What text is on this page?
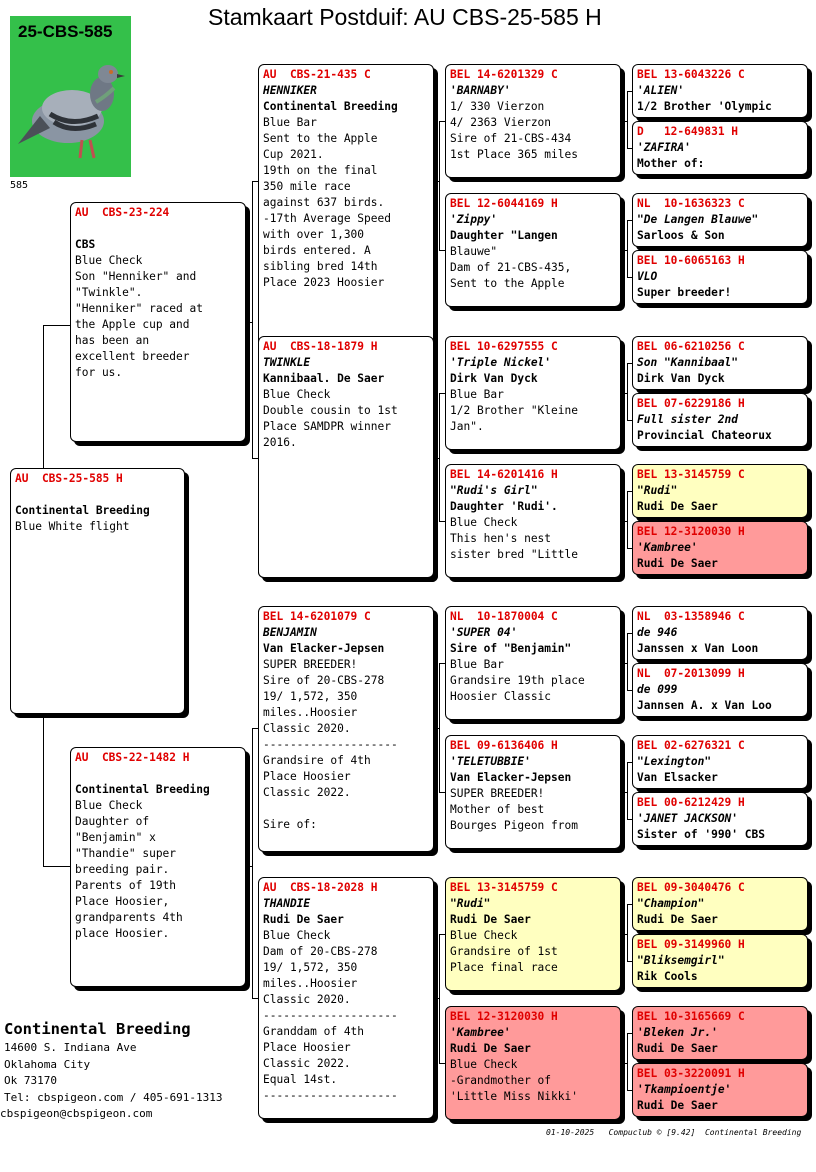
Stamkaart Postduif: AU CBS-25-585 H
25-CBS-585
585
AU  CBS-25-585 H
Continental Breeding
Blue White flight
AU  CBS-23-224
CBS
Blue Check
Son "Henniker" and
"Twinkle".
"Henniker" raced at
the Apple cup and
has been an
excellent breeder
for us.
AU  CBS-22-1482 H
Continental Breeding
Blue Check
Daughter of
"Benjamin" x
"Thandie" super
breeding pair.
Parents of 19th
Place Hoosier,
grandparents 4th
place Hoosier.
AU  CBS-21-435 C
HENNIKER
Continental Breeding
Blue Bar
Sent to the Apple
Cup 2021.
19th on the final
350 mile race
against 637 birds.
-17th Average Speed
with over 1,300
birds entered. A
sibling bred 14th
Place 2023 Hoosier
AU  CBS-18-1879 H
TWINKLE
Kannibaal. De Saer
Blue Check
Double cousin to 1st
Place SAMDPR winner
2016.
BEL 14-6201079 C
BENJAMIN
Van Elacker-Jepsen
SUPER BREEDER!
Sire of 20-CBS-278
19/ 1,572, 350
miles..Hoosier
Classic 2020.
--------------------
Grandsire of 4th
Place Hoosier
Classic 2022.
Sire of:
AU  CBS-18-2028 H
THANDIE
Rudi De Saer
Blue Check
Dam of 20-CBS-278
19/ 1,572, 350
miles..Hoosier
Classic 2020.
--------------------
Granddam of 4th
Place Hoosier
Classic 2022.
Equal 14st.
--------------------
BEL 14-6201329 C
'BARNABY'
1/ 330 Vierzon
4/ 2363 Vierzon
Sire of 21-CBS-434
1st Place 365 miles
BEL 12-6044169 H
'Zippy'
Daughter "Langen
Blauwe"
Dam of 21-CBS-435,
Sent to the Apple
BEL 10-6297555 C
'Triple Nickel'
Dirk Van Dyck
Blue Bar
1/2 Brother "Kleine
Jan".
BEL 14-6201416 H
"Rudi's Girl"
Daughter 'Rudi'.
Blue Check
This hen's nest
sister bred "Little
NL  10-1870004 C
'SUPER 04'
Sire of "Benjamin"
Blue Bar
Grandsire 19th place
Hoosier Classic
BEL 09-6136406 H
'TELETUBBIE'
Van Elacker-Jepsen
SUPER BREEDER!
Mother of best
Bourges Pigeon from
BEL 13-3145759 C
"Rudi"
Rudi De Saer
Blue Check
Grandsire of 1st
Place final race
BEL 12-3120030 H
'Kambree'
Rudi De Saer
Blue Check
-Grandmother of
'Little Miss Nikki'
BEL 13-6043226 C
'ALIEN'
1/2 Brother 'Olympic
D   12-649831 H
'ZAFIRA'
Mother of:
NL  10-1636323 C
"De Langen Blauwe"
Sarloos & Son
BEL 10-6065163 H
VLO
Super breeder!
BEL 06-6210256 C
Son "Kannibaal"
Dirk Van Dyck
BEL 07-6229186 H
Full sister 2nd
Provincial Chateorux
BEL 13-3145759 C
"Rudi"
Rudi De Saer
BEL 12-3120030 H
'Kambree'
Rudi De Saer
NL  03-1358946 C
de 946
Janssen x Van Loon
NL  07-2013099 H
de 099
Jannsen A. x Van Loo
BEL 02-6276321 C
"Lexington"
Van Elsacker
BEL 00-6212429 H
'JANET JACKSON'
Sister of '990' CBS
BEL 09-3040476 C
"Champion"
Rudi De Saer
BEL 09-3149960 H
"Bliksemgirl"
Rik Cools
BEL 10-3165669 C
'Bleken Jr.'
Rudi De Saer
BEL 03-3220091 H
'Tkampioentje'
Rudi De Saer
Continental Breeding
14600 S. Indiana Ave
Oklahoma City
Ok 73170
Tel: cbspigeon.com / 405-691-1313
cbspigeon@cbspigeon.com
01-10-2025   Compuclub © [9.42]  Continental Breeding
